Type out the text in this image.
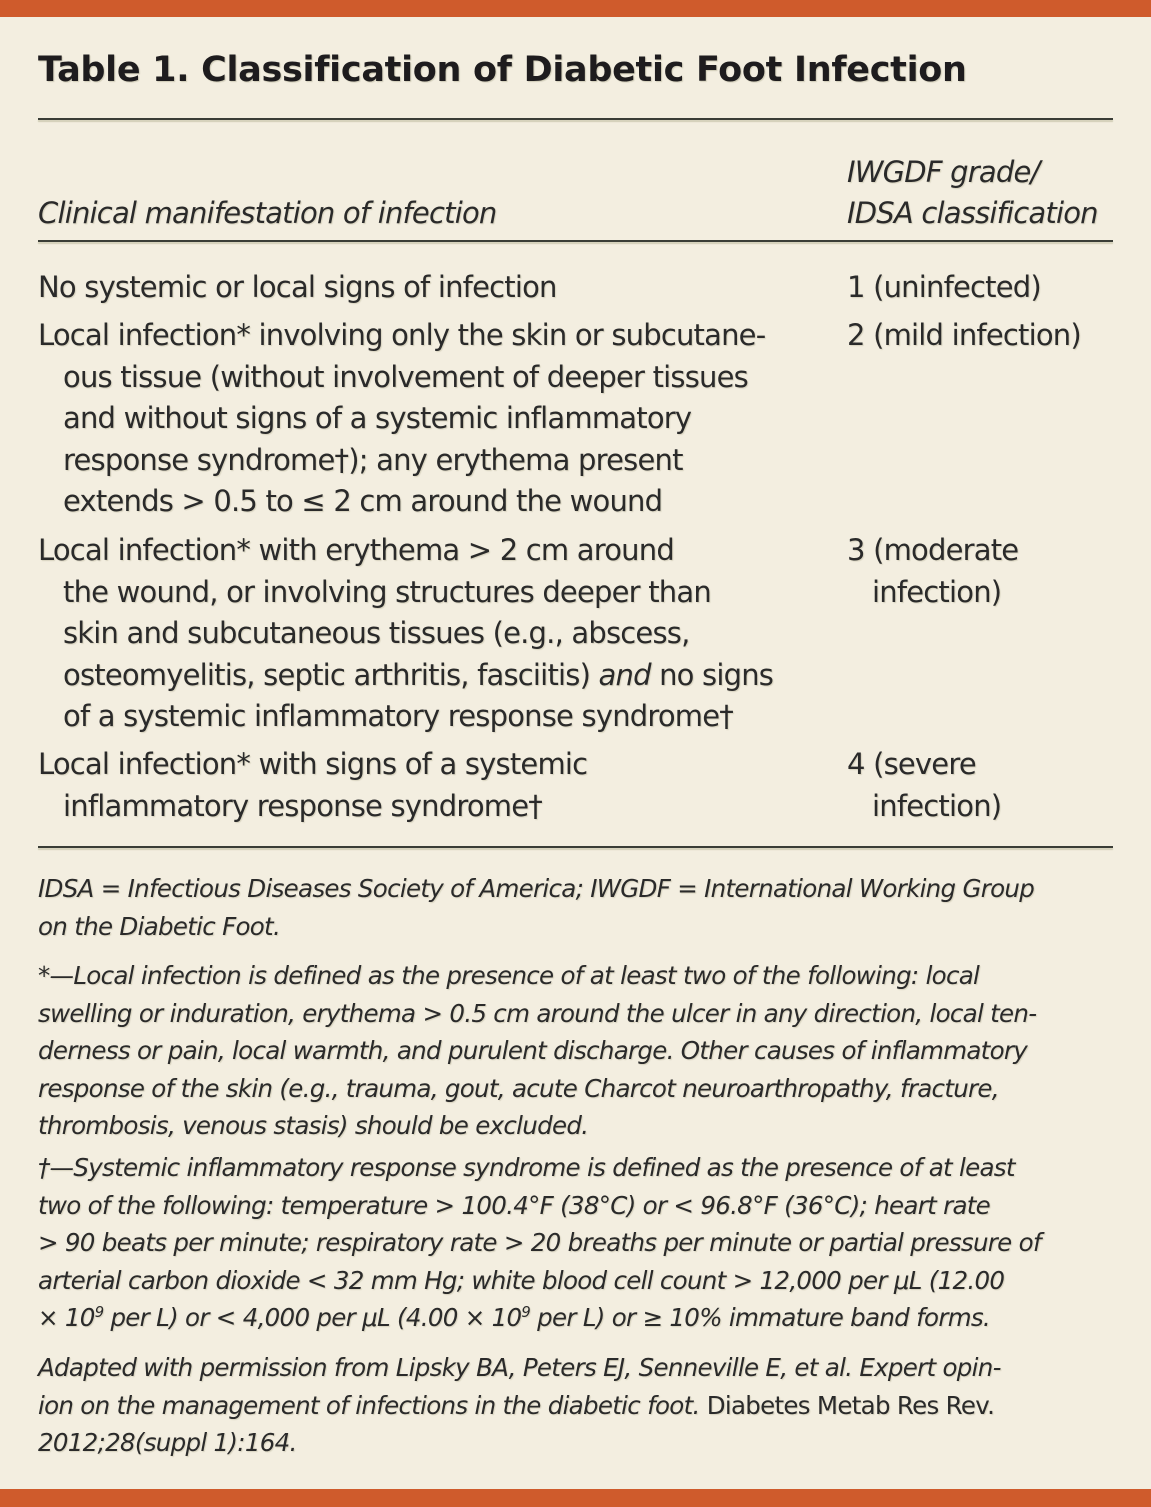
Table 1. Classification of Diabetic Foot Infection
IWGDF grade/
IDSA classification
Clinical manifestation of infection
No systemic or local signs of infection	1 (uninfected)
Local infection* involving only the skin or subcutane-
ous tissue (without involvement of deeper tissues
and without signs of a systemic inflammatory
response syndrome†); any erythema present
extends > 0.5 to ≤ 2 cm around the wound
2 (mild infection)
Local infection* with erythema > 2 cm around
the wound, or involving structures deeper than
skin and subcutaneous tissues (e.g., abscess,
osteomyelitis, septic arthritis, fasciitis) and no signs
of a systemic inflammatory response syndrome†
3 (moderate
infection)
Local infection* with signs of a systemic
inflammatory response syndrome†
4 (severe
infection)
IDSA = Infectious Diseases Society of America; IWGDF = International Working Group
on the Diabetic Foot.
*—Local infection is defined as the presence of at least two of the following: local
swelling or induration, erythema > 0.5 cm around the ulcer in any direction, local ten-
derness or pain, local warmth, and purulent discharge. Other causes of inflammatory
response of the skin (e.g., trauma, gout, acute Charcot neuroarthropathy, fracture,
thrombosis, venous stasis) should be excluded.
†—Systemic inflammatory response syndrome is defined as the presence of at least
two of the following: temperature > 100.4°F (38°C) or < 96.8°F (36°C); heart rate
> 90 beats per minute; respiratory rate > 20 breaths per minute or partial pressure of
arterial carbon dioxide < 32 mm Hg; white blood cell count > 12,000 per μL (12.00
× $10^9$ per L) or < 4,000 per μL ($4.00 \times 10^9$ per L) or ≥ 10% immature band forms.
Adapted with permission from Lipsky BA, Peters EJ, Senneville E, et al. Expert opin-
ion on the management of infections in the diabetic foot. Diabetes Metab Res Rev.
2012;28(suppl 1):164.
